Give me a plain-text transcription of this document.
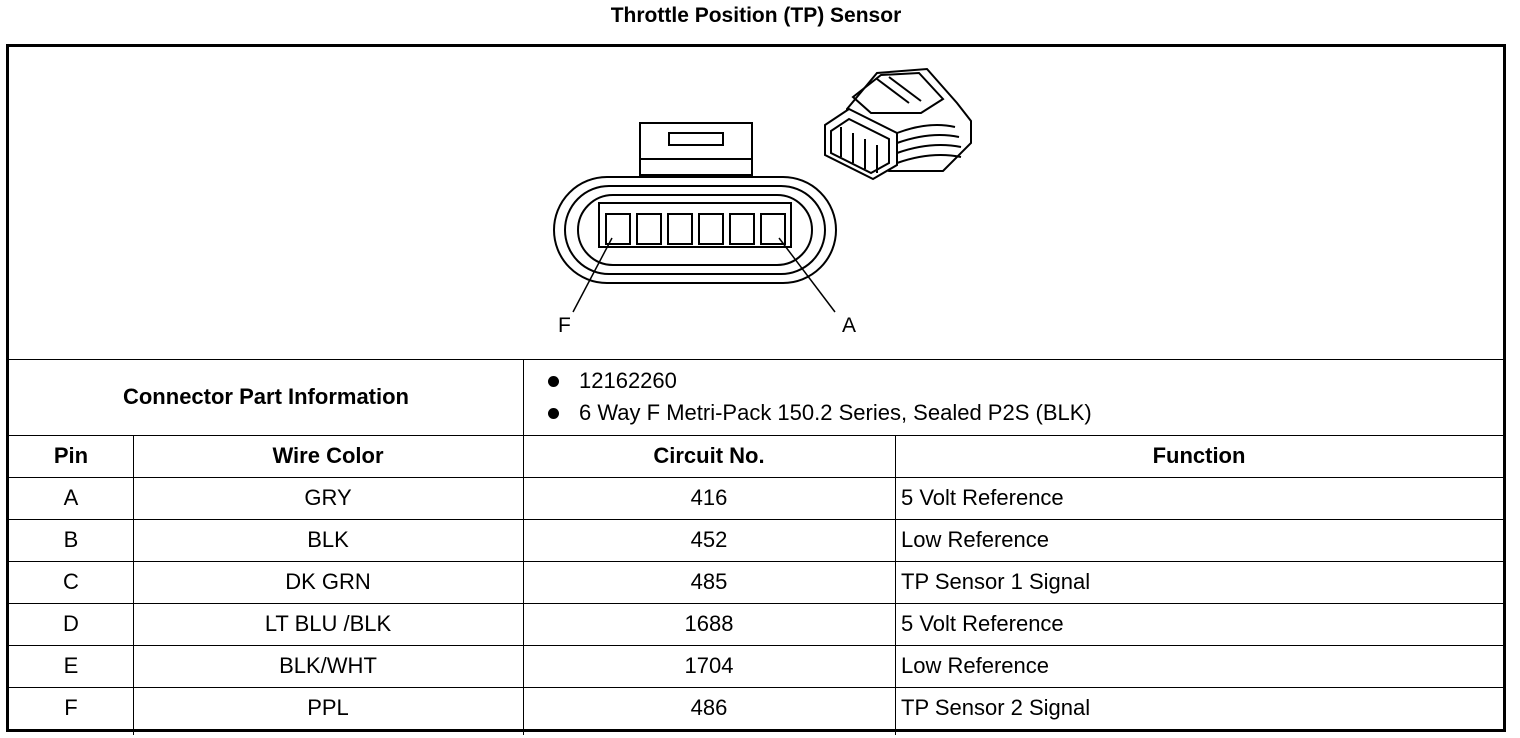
Throttle Position (TP) Sensor
F	A
Connector Part Information
12162260
6 Way F Metri-Pack 150.2 Series, Sealed P2S (BLK)
Pin	Wire Color	Circuit No.	Function
A	GRY	416	5 Volt Reference
B	BLK	452	Low Reference
C	DK GRN	485	TP Sensor 1 Signal
D	LT BLU /BLK	1688	5 Volt Reference
E	BLK/WHT	1704	Low Reference
F	PPL	486	TP Sensor 2 Signal
